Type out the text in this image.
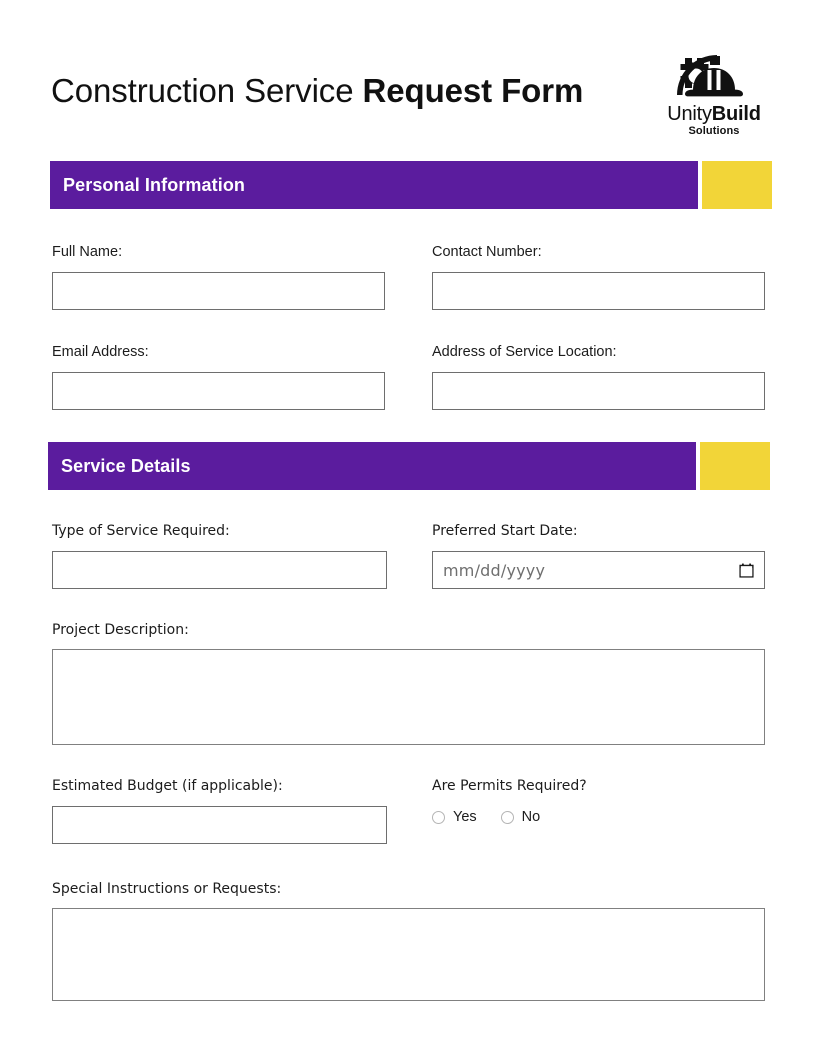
Construction Service Request Form
UnityBuild
Solutions
Personal Information
Full Name:	Contact Number:
Email Address:	Address of Service Location:
Service Details
Type of Service Required:	Preferred Start Date:
mm/dd/yyyy
Project Description:
Estimated Budget (if applicable):	Are Permits Required?
Yes	No
Special Instructions or Requests:
